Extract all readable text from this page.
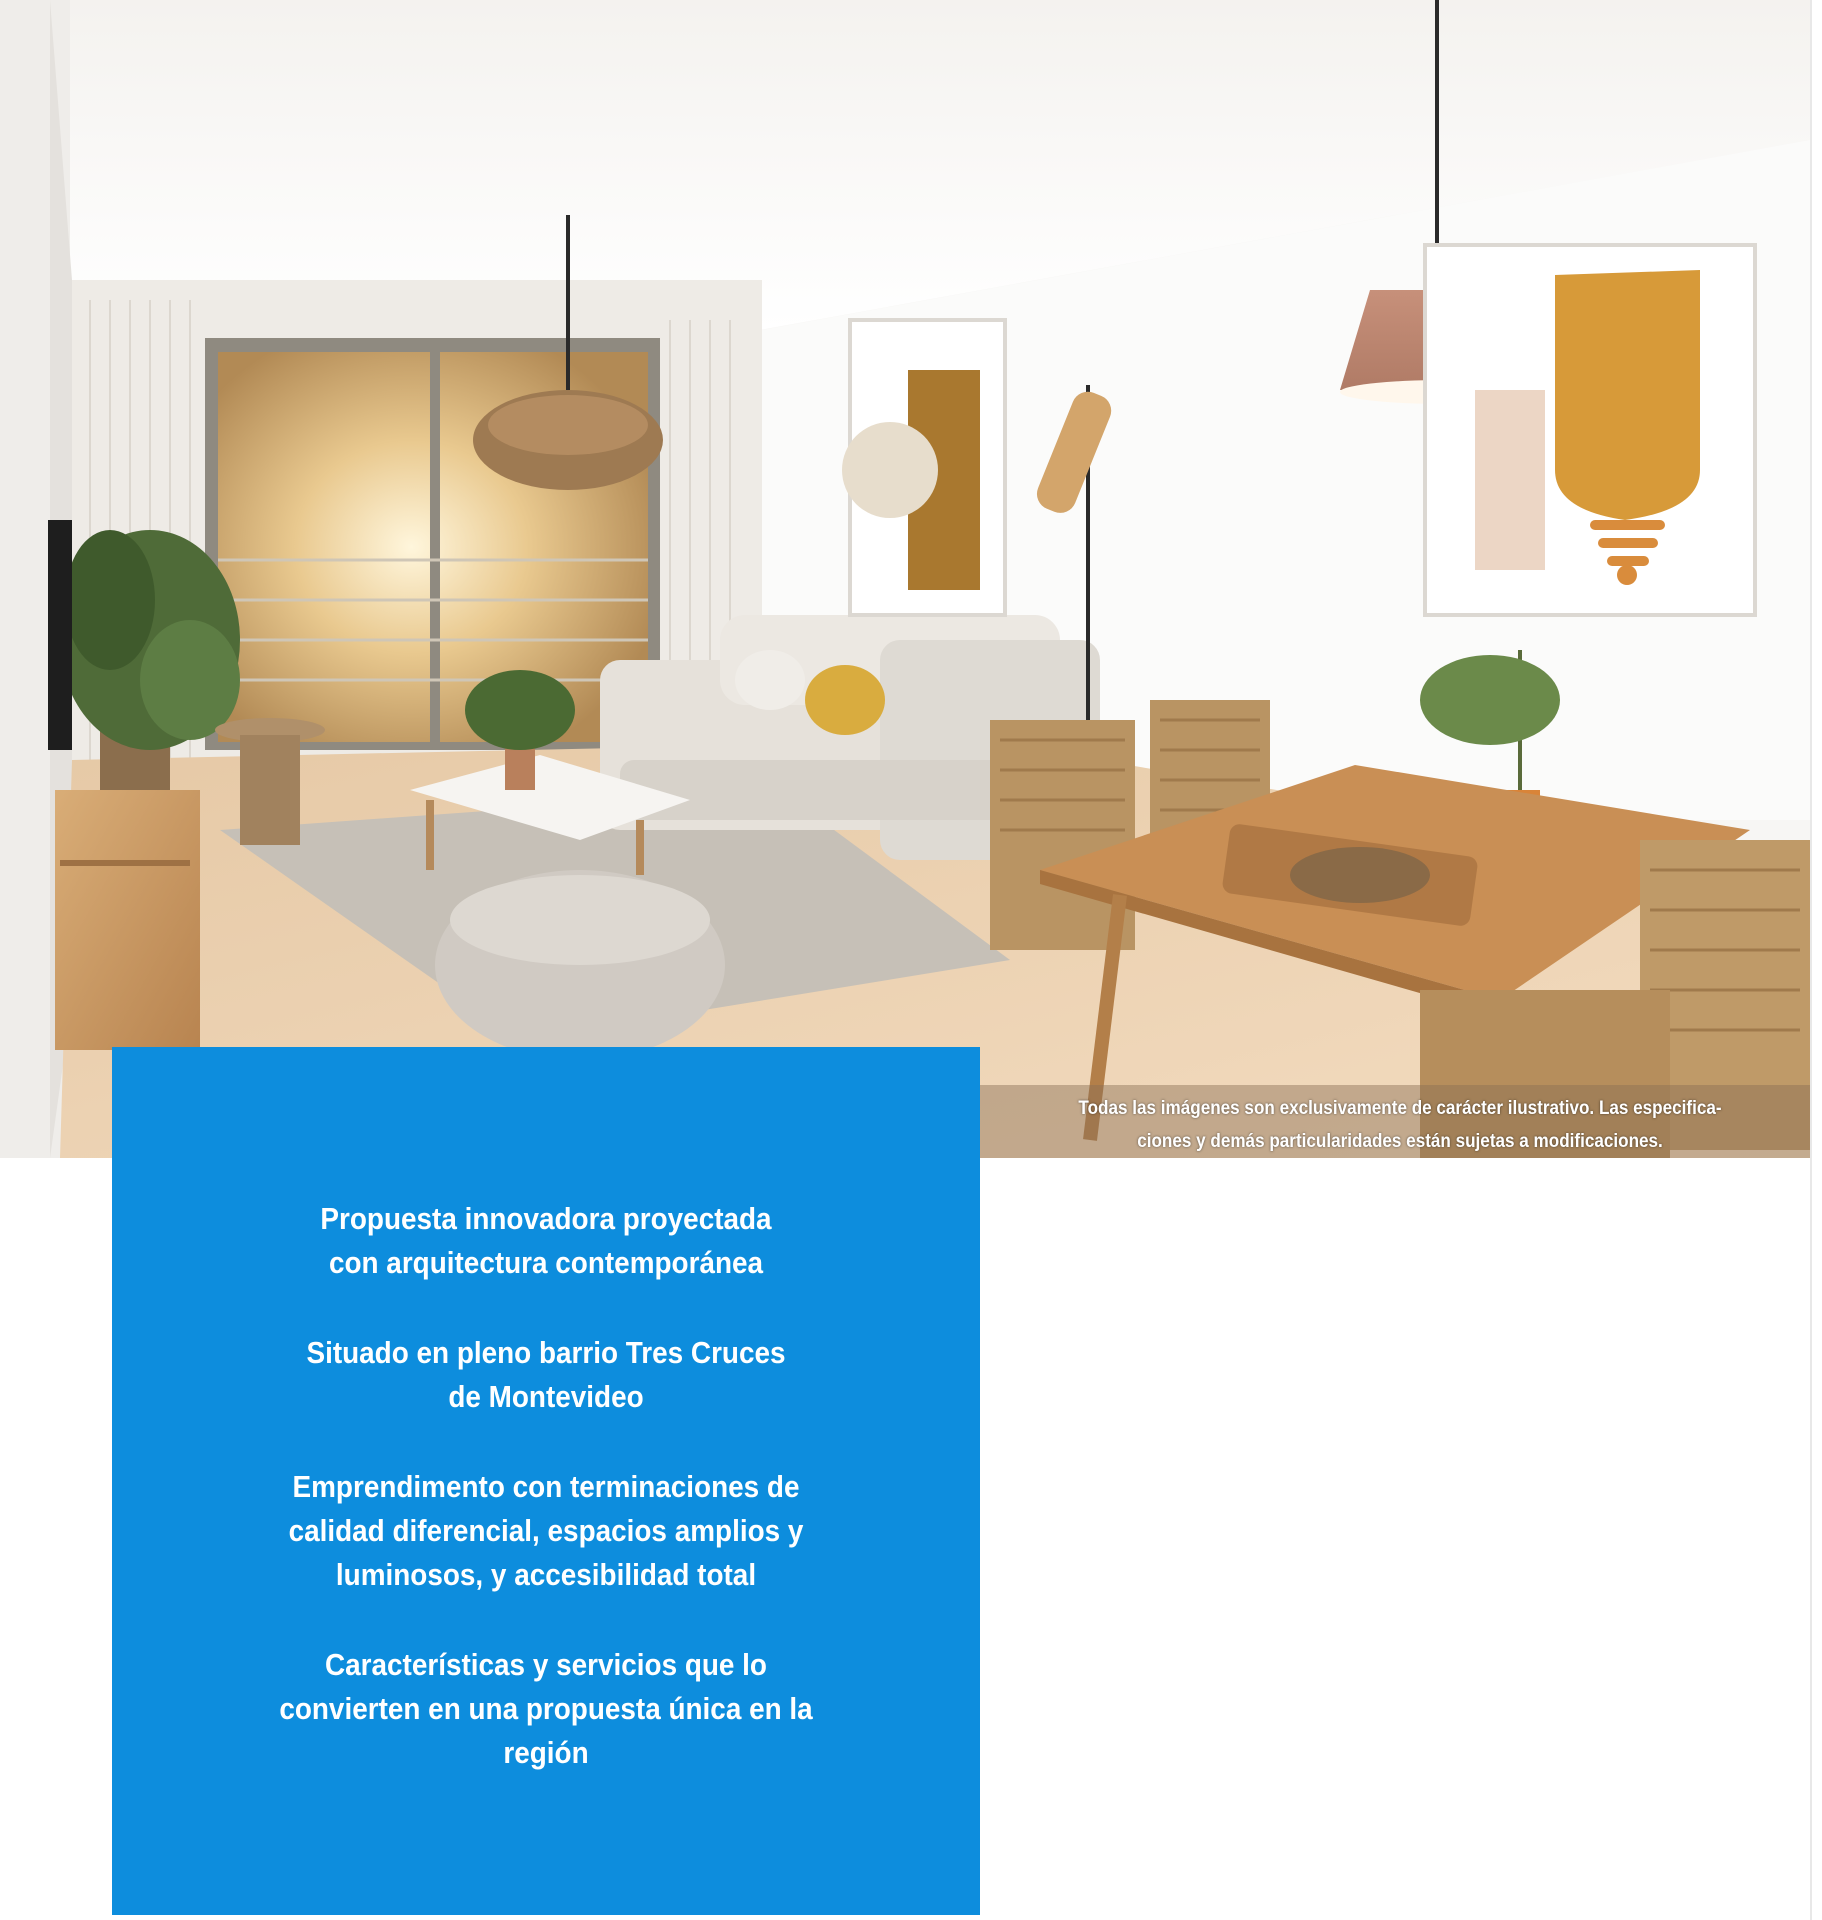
Todas las imágenes son exclusivamente de carácter ilustrativo. Las especifica-
ciones y demás particularidades están sujetas a modificaciones.
Propuesta innovadora proyectada
con arquitectura contemporánea
Situado en pleno barrio Tres Cruces
de Montevideo
Emprendimento con terminaciones de
calidad diferencial, espacios amplios y
luminosos, y accesibilidad total
Características y servicios que lo
convierten en una propuesta única en la
región
